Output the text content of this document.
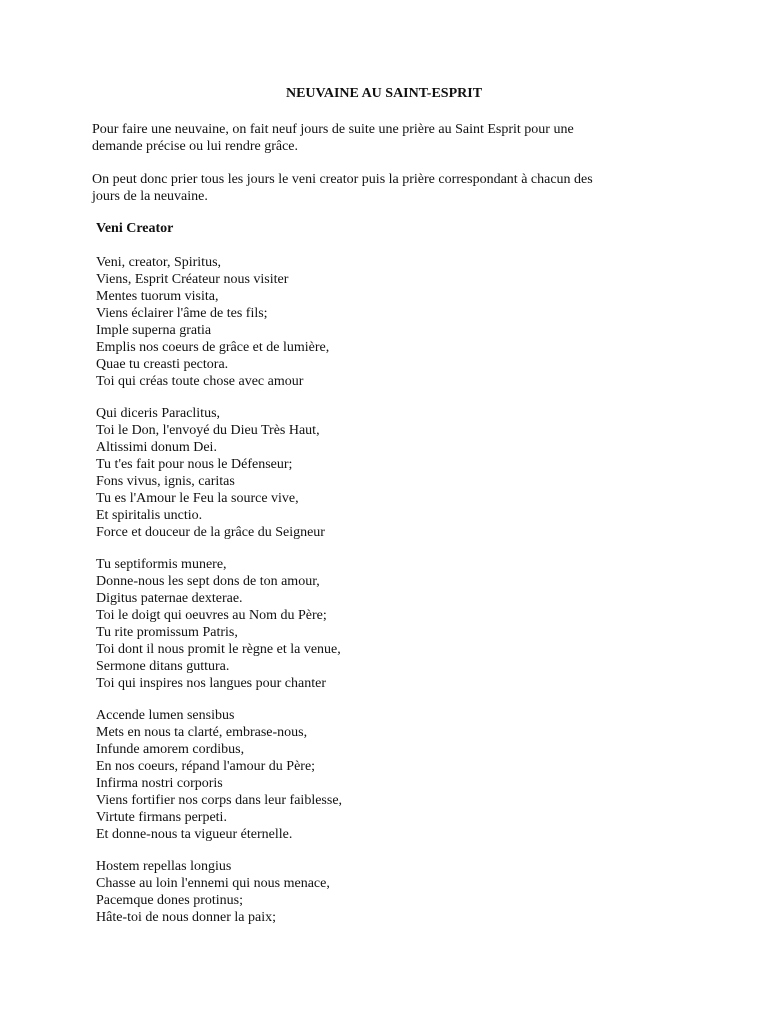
NEUVAINE AU SAINT-ESPRIT
Pour faire une neuvaine, on fait neuf jours de suite une prière au Saint Esprit pour une
demande précise ou lui rendre grâce.
On peut donc prier tous les jours le veni creator puis la prière correspondant à chacun des
jours de la neuvaine.
Veni Creator
Veni, creator, Spiritus,
Viens, Esprit Créateur nous visiter
Mentes tuorum visita,
Viens éclairer l'âme de tes fils;
Imple superna gratia
Emplis nos coeurs de grâce et de lumière,
Quae tu creasti pectora.
Toi qui créas toute chose avec amour
Qui diceris Paraclitus,
Toi le Don, l'envoyé du Dieu Très Haut,
Altissimi donum Dei.
Tu t'es fait pour nous le Défenseur;
Fons vivus, ignis, caritas
Tu es l'Amour le Feu la source vive,
Et spiritalis unctio.
Force et douceur de la grâce du Seigneur
Tu septiformis munere,
Donne-nous les sept dons de ton amour,
Digitus paternae dexterae.
Toi le doigt qui oeuvres au Nom du Père;
Tu rite promissum Patris,
Toi dont il nous promit le règne et la venue,
Sermone ditans guttura.
Toi qui inspires nos langues pour chanter
Accende lumen sensibus
Mets en nous ta clarté, embrase-nous,
Infunde amorem cordibus,
En nos coeurs, répand l'amour du Père;
Infirma nostri corporis
Viens fortifier nos corps dans leur faiblesse,
Virtute firmans perpeti.
Et donne-nous ta vigueur éternelle.
Hostem repellas longius
Chasse au loin l'ennemi qui nous menace,
Pacemque dones protinus;
Hâte-toi de nous donner la paix;
